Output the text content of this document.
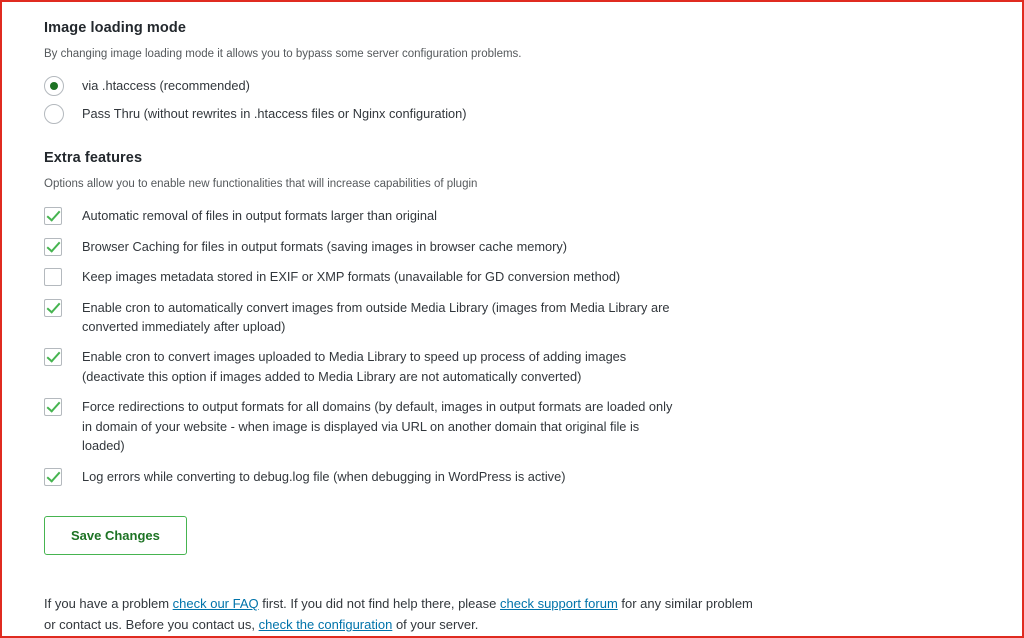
Image loading mode

By changing image loading mode it allows you to bypass some server configuration problems.

via .htaccess (recommended)
Pass Thru (without rewrites in .htaccess files or Nginx configuration)
Extra features

Options allow you to enable new functionalities that will increase capabilities of plugin

Automatic removal of files in output formats larger than original
Browser Caching for files in output formats (saving images in browser cache memory)
Keep images metadata stored in EXIF or XMP formats (unavailable for GD conversion method)
Enable cron to automatically convert images from outside Media Library (images from Media Library are converted immediately after upload)
Enable cron to convert images uploaded to Media Library to speed up process of adding images (deactivate this option if images added to Media Library are not automatically converted)
Force redirections to output formats for all domains (by default, images in output formats are loaded only in domain of your website - when image is displayed via URL on another domain that original file is loaded)
Log errors while converting to debug.log file (when debugging in WordPress is active)
Save Changes

If you have a problem check our FAQ first. If you did not find help there, please check support forum for any similar problem or contact us. Before you contact us, check the configuration of your server.
